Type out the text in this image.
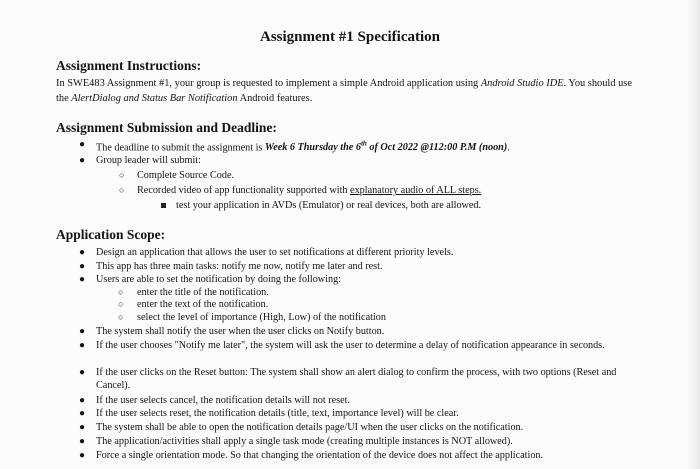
Assignment #1 Specification
Assignment Instructions:
In SWE483 Assignment #1, your group is requested to implement a simple Android application using Android Studio IDE. You should use the AlertDialog and Status Bar Notification Android features.
Assignment Submission and Deadline:
● The deadline to submit the assignment is Week 6 Thursday the 6th of Oct 2022 @112:00 P.M (noon).
● Group leader will submit:
○ Complete Source Code.
○ Recorded video of app functionality supported with explanatory audio of ALL steps.
test your application in AVDs (Emulator) or real devices, both are allowed.
Application Scope:
● Design an application that allows the user to set notifications at different priority levels.
● This app has three main tasks: notify me now, notify me later and rest.
● Users are able to set the notification by doing the following:
○ enter the title of the notification.
○ enter the text of the notification.
○ select the level of importance (High, Low) of the notification
● The system shall notify the user when the user clicks on Notify button.
● If the user chooses "Notify me later", the system will ask the user to determine a delay of notification appearance in seconds.
● If the user clicks on the Reset button: The system shall show an alert dialog to confirm the process, with two options (Reset and Cancel).
● If the user selects cancel, the notification details will not reset.
● If the user selects reset, the notification details (title, text, importance level) will be clear.
● The system shall be able to open the notification details page/UI when the user clicks on the notification.
● The application/activities shall apply a single task mode (creating multiple instances is NOT allowed).
● Force a single orientation mode. So that changing the orientation of the device does not affect the application.
